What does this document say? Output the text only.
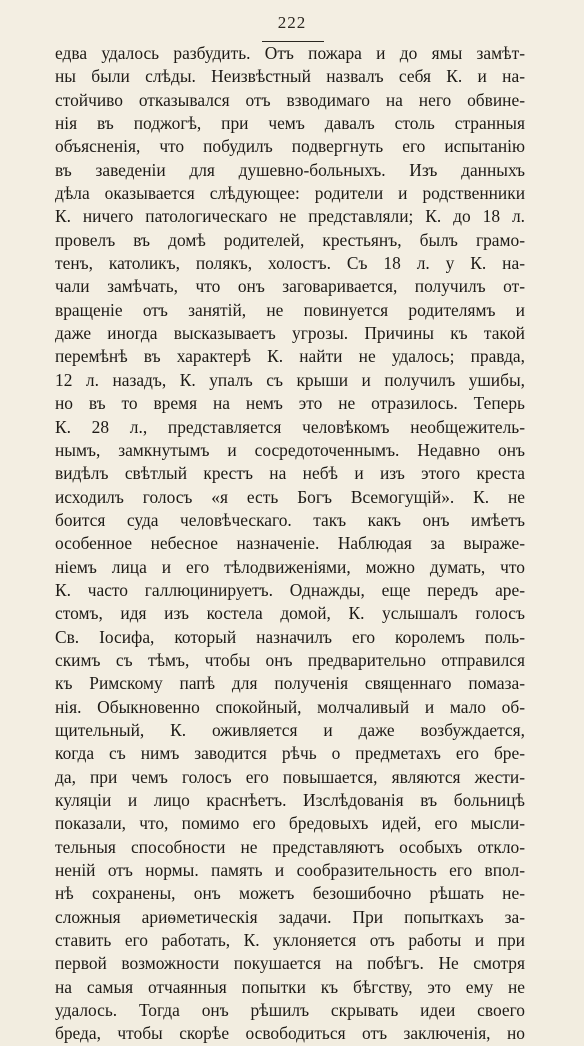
222
едва удалось разбудить. Отъ пожара и до ямы замѣт-
ны были слѣды. Неизвѣстный назвалъ себя К. и на-
стойчиво отказывался отъ взводимаго на него обвине-
нія въ поджогѣ, при чемъ давалъ столь странныя
объясненія, что побудилъ подвергнуть его испытанію
въ заведеніи для душевно-больныхъ. Изъ данныхъ
дѣла оказывается слѣдующее: родители и родственники
К. ничего патологическаго не представляли; К. до 18 л.
провелъ въ домѣ родителей, крестьянъ, былъ грамо-
тенъ, католикъ, полякъ, холостъ. Съ 18 л. у К. на-
чали замѣчать, что онъ заговаривается, получилъ от-
вращеніе отъ занятій, не повинуется родителямъ и
даже иногда высказываетъ угрозы. Причины къ такой
перемѣнѣ въ характерѣ К. найти не удалось; правда,
12 л. назадъ, К. упалъ съ крыши и получилъ ушибы,
но въ то время на немъ это не отразилось. Теперь
К. 28 л., представляется человѣкомъ необщежитель-
нымъ, замкнутымъ и сосредоточеннымъ. Недавно онъ
видѣлъ свѣтлый крестъ на небѣ и изъ этого креста
исходилъ голосъ «я есть Богъ Всемогущій». К. не
боится суда человѣческаго. такъ какъ онъ имѣетъ
особенное небесное назначеніе. Наблюдая за выраже-
ніемъ лица и его тѣлодвиженіями, можно думать, что
К. часто галлюцинируетъ. Однажды, еще передъ аре-
стомъ, идя изъ костела домой, К. услышалъ голосъ
Св. Іосифа, который назначилъ его королемъ поль-
скимъ съ тѣмъ, чтобы онъ предварительно отправился
къ Римскому папѣ для полученія священнаго помаза-
нія. Обыкновенно спокойный, молчаливый и мало об-
щительный, К. оживляется и даже возбуждается,
когда съ нимъ заводится рѣчь о предметахъ его бре-
да, при чемъ голосъ его повышается, являются жести-
куляціи и лицо краснѣетъ. Изслѣдованія въ больницѣ
показали, что, помимо его бредовыхъ идей, его мысли-
тельныя способности не представляютъ особыхъ откло-
неній отъ нормы. память и сообразительность его впол-
нѣ сохранены, онъ можетъ безошибочно рѣшать не-
сложныя ариѳметическія задачи. При попыткахъ за-
ставить его работать, К. уклоняется отъ работы и при
первой возможности покушается на побѣгъ. Не смотря
на самыя отчаянныя попытки къ бѣгству, это ему не
удалось. Тогда онъ рѣшилъ скрывать идеи своего
бреда, чтобы скорѣе освободиться отъ заключенія, но
